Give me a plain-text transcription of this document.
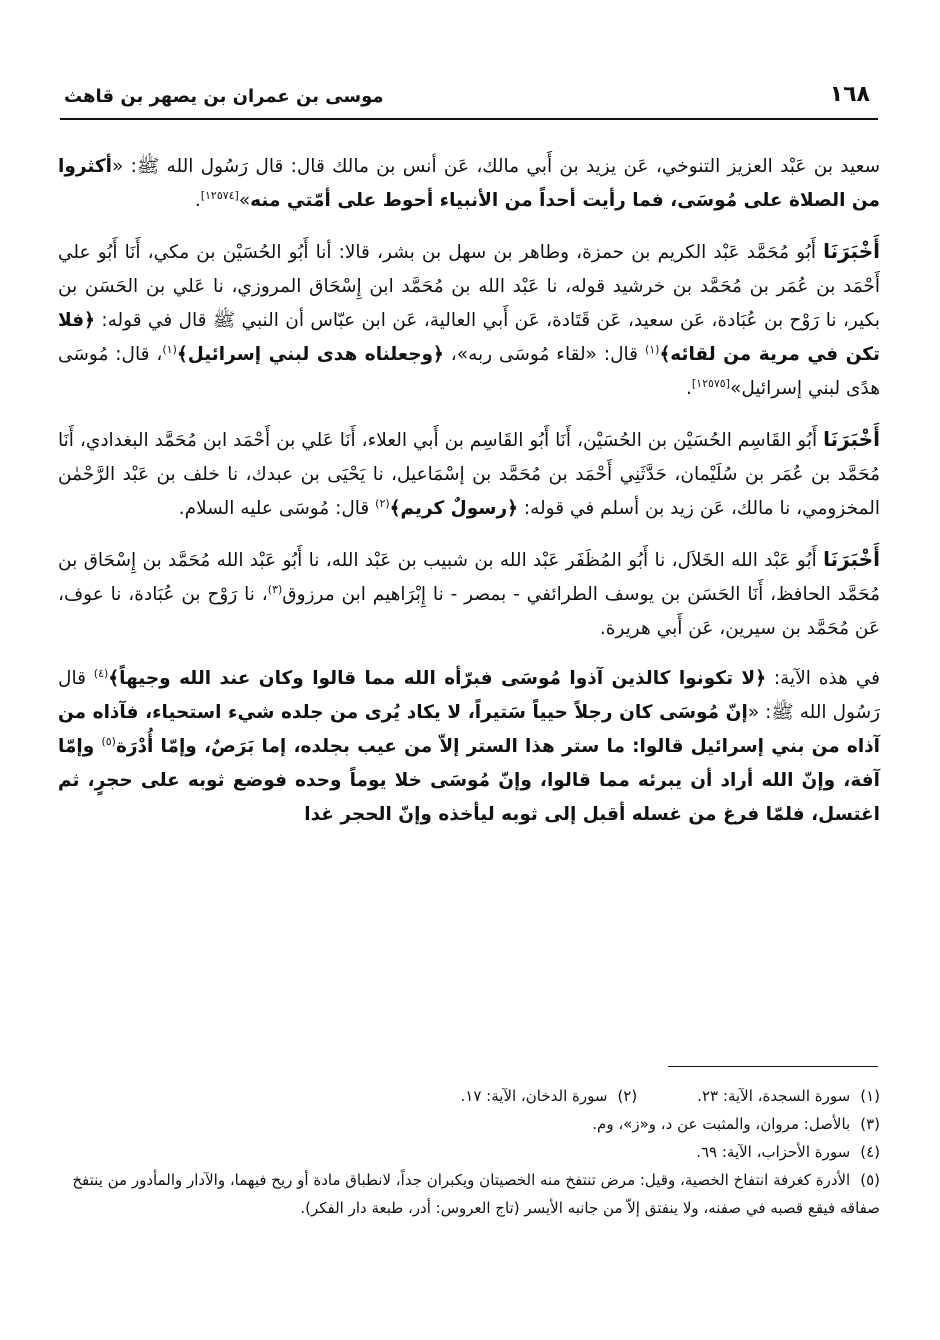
١٦٨
موسى بن عمران بن يصهر بن قاهث

سعيد بن عَبْد العزيز التنوخي، عَن يزيد بن أَبي مالك، عَن أنس بن مالك قال: قال رَسُول الله ﷺ: «أكثروا من الصلاة على مُوسَى، فما رأيت أحداً من الأنبياء أحوط على أمّتي منه»[١٢٥٧٤].

أَخْبَرَنَا أَبُو مُحَمَّد عَبْد الكريم بن حمزة، وطاهر بن سهل بن بشر، قالا: أنا أَبُو الحُسَيْن بن مكي، أَنَا أَبُو علي أَحْمَد بن عُمَر بن مُحَمَّد بن خرشيد قوله، نا عَبْد الله بن مُحَمَّد ابن إِسْحَاق المروزي، نا عَلي بن الحَسَن بن بكير، نا رَوْح بن عُبَادة، عَن سعيد، عَن قَتَادة، عَن أَبي العالية، عَن ابن عبّاس أن النبي ﷺ قال في قوله: ﴿فلا تكن في مرية من لقائه﴾$^{(١)}$ قال: «لقاء مُوسَى ربه»، ﴿وجعلناه هدى لبني إسرائيل﴾$^{(١)}$، قال: مُوسَى هدًى لبني إسرائيل»[١٢٥٧٥].

أَخْبَرَنَا أَبُو القَاسِم الحُسَيْن بن الحُسَيْن، أَنَا أَبُو القَاسِم بن أَبي العلاء، أَنَا عَلي بن أَحْمَد ابن مُحَمَّد البغدادي، أَنَا مُحَمَّد بن عُمَر بن سُلَيْمان، حَدَّثَنِي أَحْمَد بن مُحَمَّد بن إسْمَاعيل، نا يَحْيَى بن عبدك، نا خلف بن عَبْد الرَّحْمٰن المخزومي، نا مالك، عَن زيد بن أسلم في قوله: ﴿رسولٌ كريم﴾$^{(٢)}$ قال: مُوسَى عليه السلام.

أَخْبَرَنَا أَبُو عَبْد الله الخَلاَل، نا أَبُو المُظَفَر عَبْد الله بن شبيب بن عَبْد الله، نا أَبُو عَبْد الله مُحَمَّد بن إِسْحَاق بن مُحَمَّد الحافظ، أَنَا الحَسَن بن يوسف الطرائفي - بمصر - نا إِبْرَاهيم ابن مرزوق$^{(٣)}$، نا رَوْح بن عُبَادة، نا عوف، عَن مُحَمَّد بن سيرين، عَن أَبي هريرة.

في هذه الآية: ﴿لا تكونوا كالذين آذوا مُوسَى فبرّأه الله مما قالوا وكان عند الله وجيهاً﴾$^{(٤)}$ قال رَسُول الله ﷺ: «إنّ مُوسَى كان رجلاً حيياً سَتيراً، لا يكاد يُرى من جلده شيء استحياء، فآذاه من آذاه من بني إسرائيل قالوا: ما ستر هذا الستر إلاّ من عيب بجلده، إما بَرَصٌ، وإمّا أُدْرَة$^{(٥)}$ وإمّا آفة، وإنّ الله أراد أن يبرئه مما قالوا، وإنّ مُوسَى خلا يوماً وحده فوضع ثوبه على حجرٍ، ثم اغتسل، فلمّا فرغ من غسله أقبل إلى ثوبه ليأخذه وإنّ الحجر غدا

(١)سورة السجدة، الآية: ٢٣.

(٢)سورة الدخان، الآية: ١٧.

(٣)بالأصل: مروان، والمثبت عن د، و«ز»، وم.

(٤)سورة الأحزاب، الآية: ٦٩.

(٥)الأدرة كغرفة انتفاخ الخصية، وقيل: مرض تنتفخ منه الخصيتان ويكبران جداً، لانطباق مادة أو ريح فيهما، والآدار والمأدور من ينتفخ صفاقه فيقع قصبه في صفنه، ولا ينفتق إلاّ من جانبه الأيسر (تاج العروس: أدر، طبعة دار الفكر).
